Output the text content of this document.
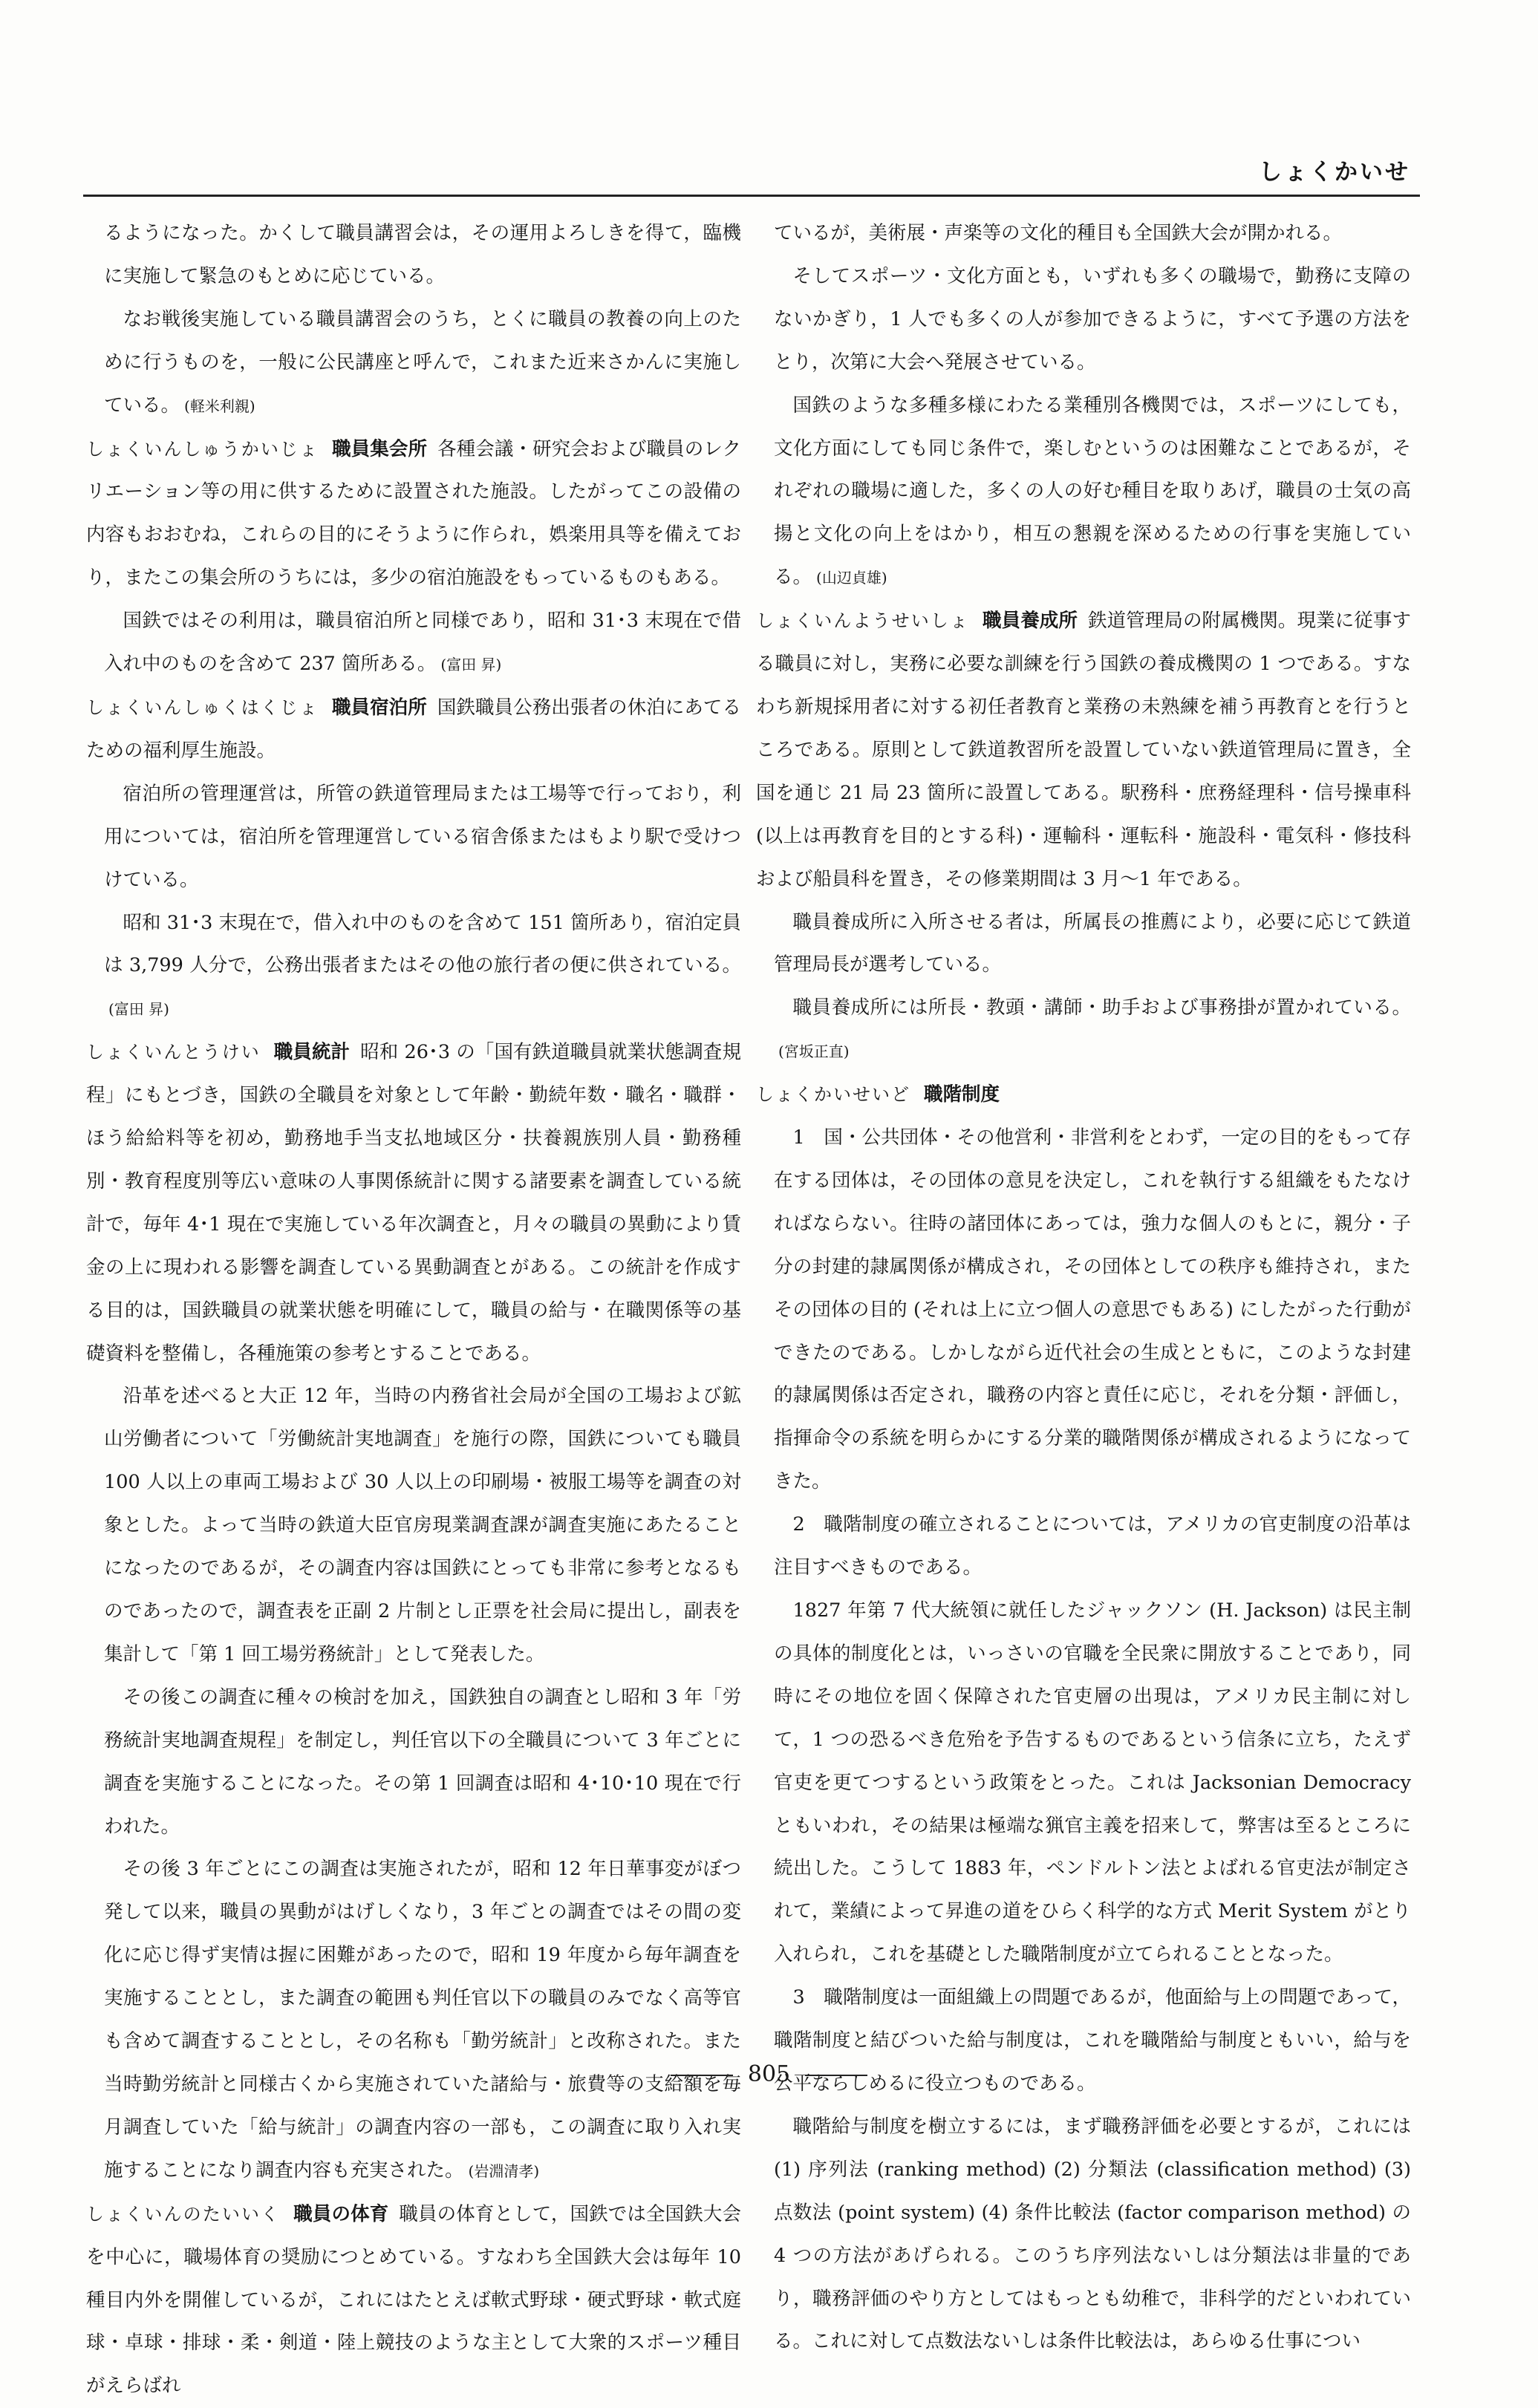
しょくかいせ

るようになった。かくして職員講習会は，その運用よろしきを得て，臨機に実施して緊急のもとめに応じている。

なお戦後実施している職員講習会のうち，とくに職員の教養の向上のために行うものを，一般に公民講座と呼んで，これまた近来さかんに実施している。 (軽米利親)

しょくいんしゅうかいじょ 職員集会所 各種会議・研究会および職員のレクリエーション等の用に供するために設置された施設。したがってこの設備の内容もおおむね，これらの目的にそうように作られ，娯楽用具等を備えており，またこの集会所のうちには，多少の宿泊施設をもっているものもある。

国鉄ではその利用は，職員宿泊所と同様であり，昭和 31･3 末現在で借入れ中のものを含めて 237 箇所ある。 (富田 昇)

しょくいんしゅくはくじょ 職員宿泊所 国鉄職員公務出張者の休泊にあてるための福利厚生施設。

宿泊所の管理運営は，所管の鉄道管理局または工場等で行っており，利用については，宿泊所を管理運営している宿舎係またはもより駅で受けつけている。

昭和 31･3 末現在で，借入れ中のものを含めて 151 箇所あり，宿泊定員は 3,799 人分で，公務出張者またはその他の旅行者の便に供されている。(富田 昇)

しょくいんとうけい 職員統計 昭和 26･3 の「国有鉄道職員就業状態調査規程」にもとづき，国鉄の全職員を対象として年齢・勤続年数・職名・職群・ほう給給料等を初め，勤務地手当支払地域区分・扶養親族別人員・勤務種別・教育程度別等広い意味の人事関係統計に関する諸要素を調査している統計で，毎年 4･1 現在で実施している年次調査と，月々の職員の異動により賃金の上に現われる影響を調査している異動調査とがある。この統計を作成する目的は，国鉄職員の就業状態を明確にして，職員の給与・在職関係等の基礎資料を整備し，各種施策の参考とすることである。

沿革を述べると大正 12 年，当時の内務省社会局が全国の工場および鉱山労働者について「労働統計実地調査」を施行の際，国鉄についても職員 100 人以上の車両工場および 30 人以上の印刷場・被服工場等を調査の対象とした。よって当時の鉄道大臣官房現業調査課が調査実施にあたることになったのであるが，その調査内容は国鉄にとっても非常に参考となるものであったので，調査表を正副 2 片制とし正票を社会局に提出し，副表を集計して「第 1 回工場労務統計」として発表した。

その後この調査に種々の検討を加え，国鉄独自の調査とし昭和 3 年「労務統計実地調査規程」を制定し，判任官以下の全職員について 3 年ごとに調査を実施することになった。その第 1 回調査は昭和 4･10･10 現在で行われた。

その後 3 年ごとにこの調査は実施されたが，昭和 12 年日華事変がぼつ発して以来，職員の異動がはげしくなり，3 年ごとの調査ではその間の変化に応じ得ず実情は握に困難があったので，昭和 19 年度から毎年調査を実施することとし，また調査の範囲も判任官以下の職員のみでなく高等官も含めて調査することとし，その名称も「勤労統計」と改称された。また当時勤労統計と同様古くから実施されていた諸給与・旅費等の支給額を毎月調査していた「給与統計」の調査内容の一部も，この調査に取り入れ実施することになり調査内容も充実された。 (岩淵清孝)

しょくいんのたいいく 職員の体育 職員の体育として，国鉄では全国鉄大会を中心に，職場体育の奨励につとめている。すなわち全国鉄大会は毎年 10 種目内外を開催しているが，これにはたとえば軟式野球・硬式野球・軟式庭球・卓球・排球・柔・剣道・陸上競技のような主として大衆的スポーツ種目がえらばれ

ているが，美術展・声楽等の文化的種目も全国鉄大会が開かれる。

そしてスポーツ・文化方面とも，いずれも多くの職場で，勤務に支障のないかぎり，1 人でも多くの人が参加できるように，すべて予選の方法をとり，次第に大会へ発展させている。

国鉄のような多種多様にわたる業種別各機関では，スポーツにしても，文化方面にしても同じ条件で，楽しむというのは困難なことであるが，それぞれの職場に適した，多くの人の好む種目を取りあげ，職員の士気の高揚と文化の向上をはかり，相互の懇親を深めるための行事を実施している。 (山辺貞雄)

しょくいんようせいしょ 職員養成所 鉄道管理局の附属機関。現業に従事する職員に対し，実務に必要な訓練を行う国鉄の養成機関の 1 つである。すなわち新規採用者に対する初任者教育と業務の未熟練を補う再教育とを行うところである。原則として鉄道教習所を設置していない鉄道管理局に置き，全国を通じ 21 局 23 箇所に設置してある。駅務科・庶務経理科・信号操車科 (以上は再教育を目的とする科)・運輸科・運転科・施設科・電気科・修技科および船員科を置き，その修業期間は 3 月～1 年である。

職員養成所に入所させる者は，所属長の推薦により，必要に応じて鉄道管理局長が選考している。

職員養成所には所長・教頭・講師・助手および事務掛が置かれている。(宮坂正直)

しょくかいせいど 職階制度

1　国・公共団体・その他営利・非営利をとわず，一定の目的をもって存在する団体は，その団体の意見を決定し，これを執行する組織をもたなければならない。往時の諸団体にあっては，強力な個人のもとに，親分・子分の封建的隷属関係が構成され，その団体としての秩序も維持され，またその団体の目的 (それは上に立つ個人の意思でもある) にしたがった行動ができたのである。しかしながら近代社会の生成とともに，このような封建的隷属関係は否定され，職務の内容と責任に応じ，それを分類・評価し，指揮命令の系統を明らかにする分業的職階関係が構成されるようになってきた。

2　職階制度の確立されることについては，アメリカの官吏制度の沿革は注目すべきものである。

1827 年第 7 代大統領に就任したジャックソン (H. Jackson) は民主制の具体的制度化とは，いっさいの官職を全民衆に開放することであり，同時にその地位を固く保障された官吏層の出現は，アメリカ民主制に対して，1 つの恐るべき危殆を予告するものであるという信条に立ち，たえず官吏を更てつするという政策をとった。これは Jacksonian Democracy ともいわれ，その結果は極端な猟官主義を招来して，弊害は至るところに続出した。こうして 1883 年，ペンドルトン法とよばれる官吏法が制定されて，業績によって昇進の道をひらく科学的な方式 Merit System がとり入れられ，これを基礎とした職階制度が立てられることとなった。

3　職階制度は一面組織上の問題であるが，他面給与上の問題であって，職階制度と結びついた給与制度は，これを職階給与制度ともいい，給与を公平ならしめるに役立つものである。

職階給与制度を樹立するには，まず職務評価を必要とするが，これには (1) 序列法 (ranking method) (2) 分類法 (classification method) (3) 点数法 (point system) (4) 条件比較法 (factor comparison method) の 4 つの方法があげられる。このうち序列法ないしは分類法は非量的であり，職務評価のやり方としてはもっとも幼稚で，非科学的だといわれている。これに対して点数法ないしは条件比較法は，あらゆる仕事につい

805
